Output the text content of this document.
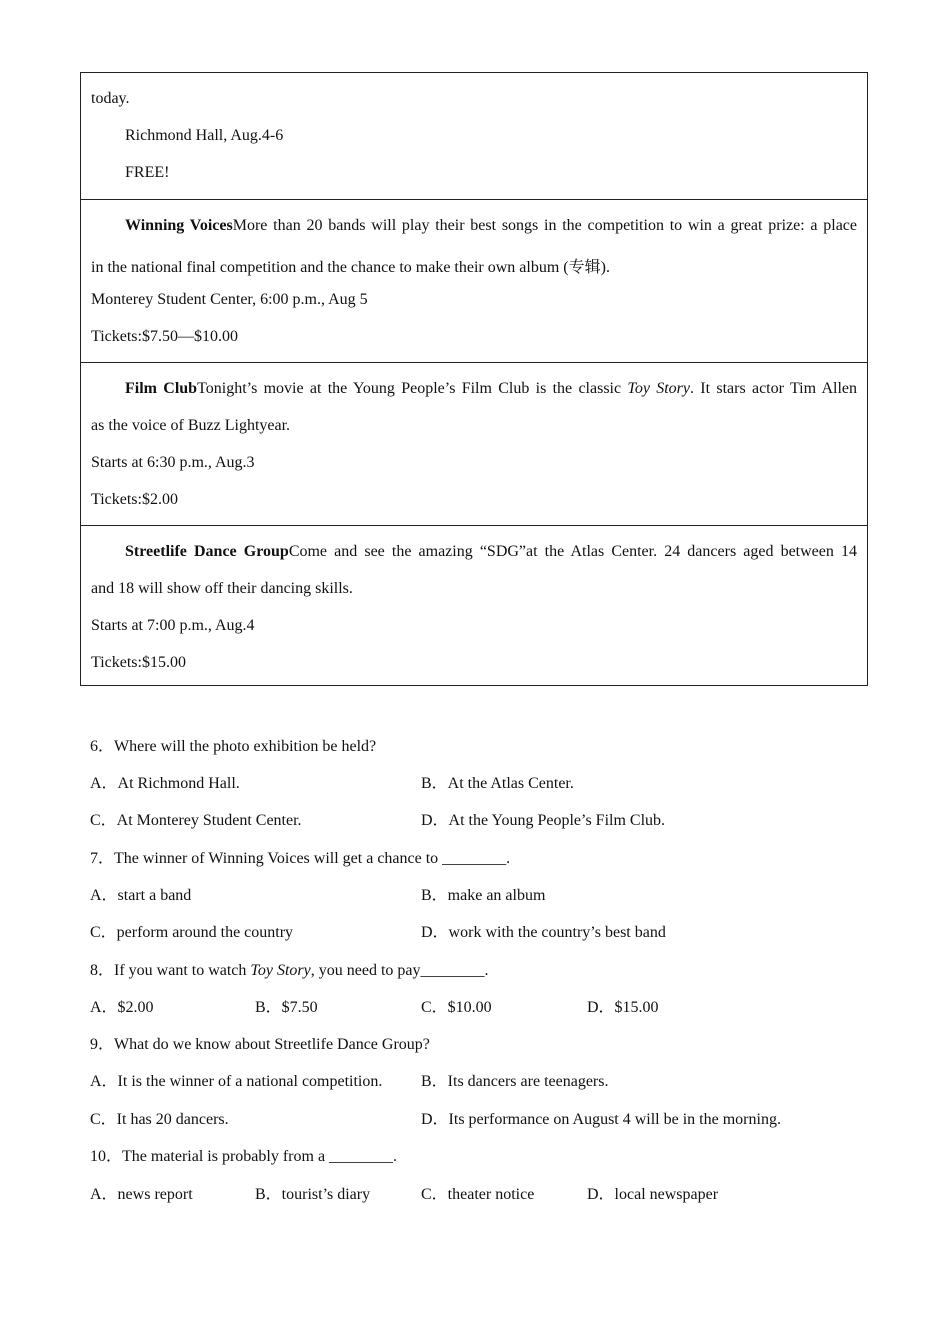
today.
Richmond Hall, Aug.4-6
FREE!
Winning VoicesMore than 20 bands will play their best songs in the competition to win a great prize: a place
in the national final competition and the chance to make their own album (专辑).
Monterey Student Center, 6:00 p.m., Aug 5
Tickets:$7.50—$10.00
Film ClubTonight’s movie at the Young People’s Film Club is the classic Toy Story. It stars actor Tim Allen
as the voice of Buzz Lightyear.
Starts at 6:30 p.m., Aug.3
Tickets:$2.00
Streetlife Dance GroupCome and see the amazing “SDG”at the Atlas Center. 24 dancers aged between 14
and 18 will show off their dancing skills.
Starts at 7:00 p.m., Aug.4
Tickets:$15.00
6．Where will the photo exhibition be held?
A．At Richmond Hall.	B．At the Atlas Center.
C．At Monterey Student Center.	D．At the Young People’s Film Club.
7．The winner of Winning Voices will get a chance to ________.
A．start a band	B．make an album
C．perform around the country	D．work with the country’s best band
8．If you want to watch Toy Story, you need to pay________.
A．$2.00	B．$7.50	C．$10.00	D．$15.00
9．What do we know about Streetlife Dance Group?
A．It is the winner of a national competition. B．Its dancers are teenagers.
C．It has 20 dancers.	D．Its performance on August 4 will be in the morning.
10．The material is probably from a ________.
A．news report	B．tourist’s diary	C．theater notice	D．local newspaper
